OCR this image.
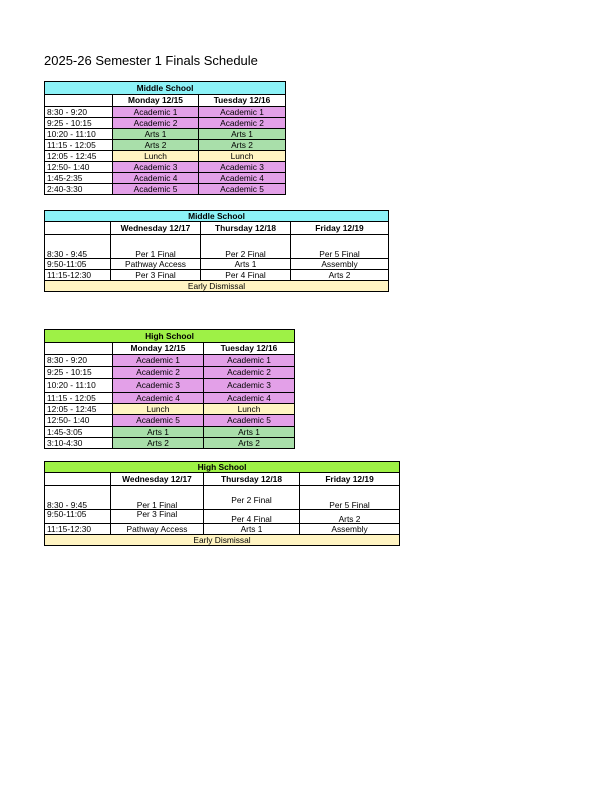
2025-26 Semester 1 Finals Schedule
Middle School		
	Monday 12/15	Tuesday 12/16
8:30 - 9:20	Academic 1	Academic 1
9:25 - 10:15	Academic 2	Academic 2
10:20 - 11:10	Arts 1	Arts 1
11:15 - 12:05	Arts 2	Arts 2
12:05 - 12:45	Lunch	Lunch
12:50- 1:40	Academic 3	Academic 3
1:45-2:35	Academic 4	Academic 4
2:40-3:30	Academic 5	Academic 5
Middle School			
	Wednesday 12/17	Thursday 12/18	Friday 12/19
8:30 - 9:45	Per 1 Final	Per 2 Final	Per 5 Final
9:50-11:05	Pathway Access	Arts 1	Assembly
11:15-12:30	Per 3 Final	Per 4 Final	Arts 2
Early Dismissal			
High School		
	Monday 12/15	Tuesday 12/16
8:30 - 9:20	Academic 1	Academic 1
9:25 - 10:15	Academic 2	Academic 2
10:20 - 11:10	Academic 3	Academic 3
11:15 - 12:05	Academic 4	Academic 4
12:05 - 12:45	Lunch	Lunch
12:50- 1:40	Academic 5	Academic 5
1:45-3:05	Arts 1	Arts 1
3:10-4:30	Arts 2	Arts 2
High School			
	Wednesday 12/17	Thursday 12/18	Friday 12/19
8:30 - 9:45	Per 1 Final	Per 2 Final	Per 5 Final
9:50-11:05	Per 3 Final	Per 4 Final	Arts 2
11:15-12:30	Pathway Access	Arts 1	Assembly
Early Dismissal			
